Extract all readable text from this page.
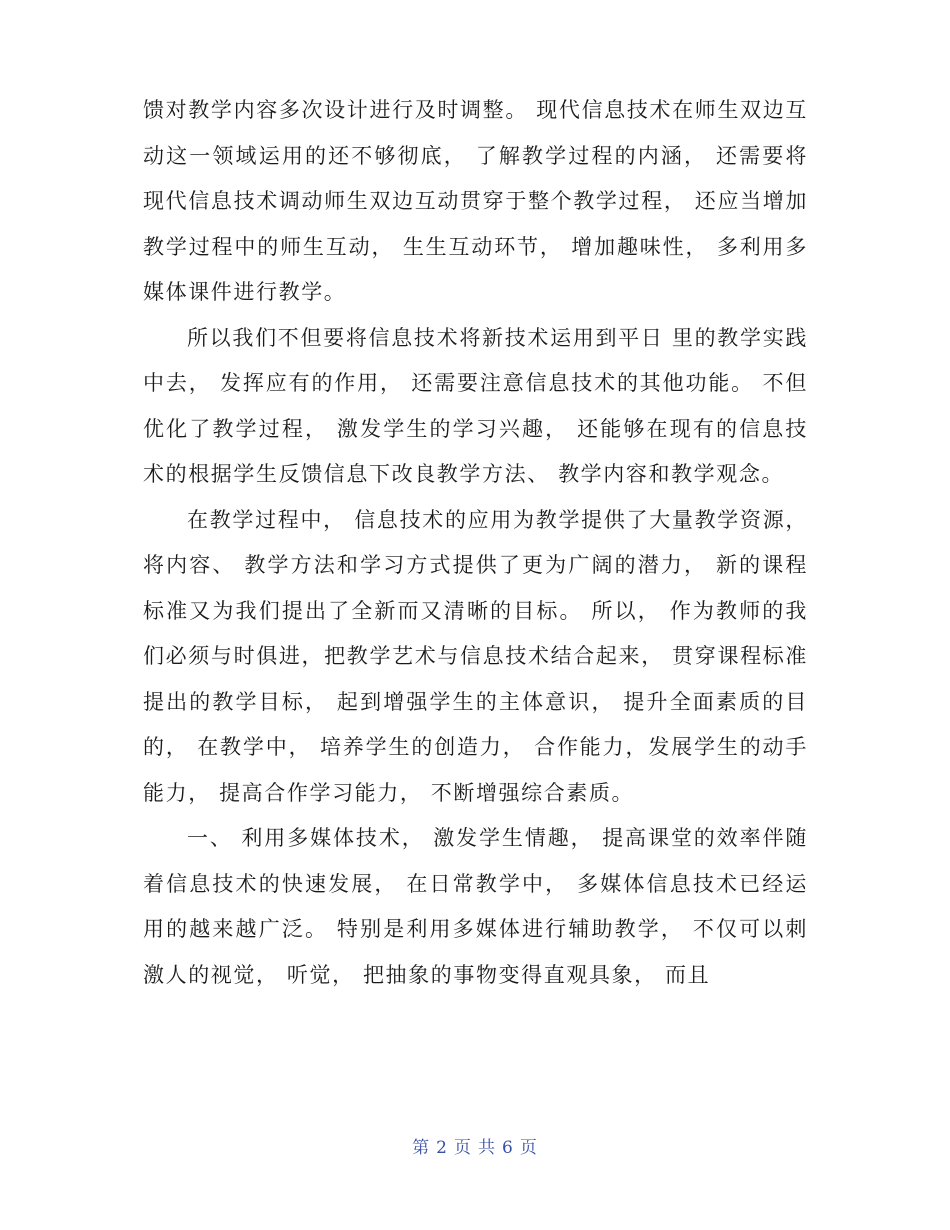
馈对教学内容多次设计进行及时调整。 现代信息技术在师生双边互动这一领域运用的还不够彻底， 了解教学过程的内涵， 还需要将现代信息技术调动师生双边互动贯穿于整个教学过程， 还应当增加教学过程中的师生互动， 生生互动环节， 增加趣味性， 多利用多媒体课件进行教学。

所以我们不但要将信息技术将新技术运用到平日 里的教学实践中去， 发挥应有的作用， 还需要注意信息技术的其他功能。 不但优化了教学过程， 激发学生的学习兴趣， 还能够在现有的信息技术的根据学生反馈信息下改良教学方法、 教学内容和教学观念。

在教学过程中， 信息技术的应用为教学提供了大量教学资源， 将内容、 教学方法和学习方式提供了更为广阔的潜力， 新的课程标准又为我们提出了全新而又清晰的目标。 所以， 作为教师的我们必须与时俱进，把教学艺术与信息技术结合起来， 贯穿课程标准提出的教学目标， 起到增强学生的主体意识， 提升全面素质的目的， 在教学中， 培养学生的创造力， 合作能力，发展学生的动手能力， 提高合作学习能力， 不断增强综合素质。

一、 利用多媒体技术， 激发学生情趣， 提高课堂的效率伴随着信息技术的快速发展， 在日常教学中， 多媒体信息技术已经运用的越来越广泛。 特别是利用多媒体进行辅助教学， 不仅可以刺激人的视觉， 听觉， 把抽象的事物变得直观具象， 而且

第 2 页 共 6 页
